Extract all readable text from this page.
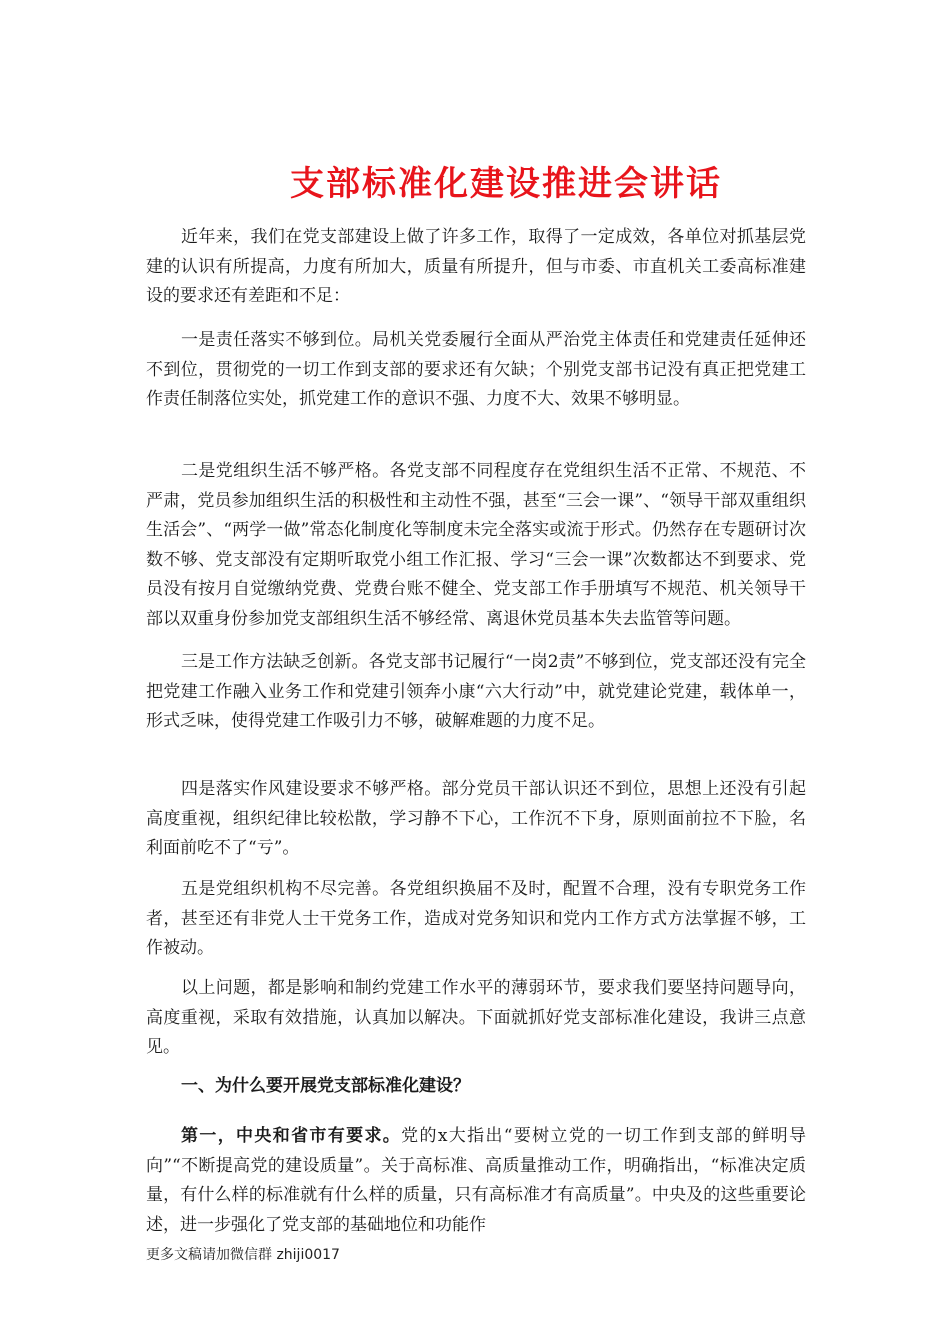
支部标准化建设推进会讲话

近年来，我们在党支部建设上做了许多工作，取得了一定成效，各单位对抓基层党建的认识有所提高，力度有所加大，质量有所提升，但与市委、市直机关工委高标准建设的要求还有差距和不足：

一是责任落实不够到位。局机关党委履行全面从严治党主体责任和党建责任延伸还不到位，贯彻党的一切工作到支部的要求还有欠缺；个别党支部书记没有真正把党建工作责任制落位实处，抓党建工作的意识不强、力度不大、效果不够明显。

二是党组织生活不够严格。各党支部不同程度存在党组织生活不正常、不规范、不严肃，党员参加组织生活的积极性和主动性不强，甚至“三会一课”、“领导干部双重组织生活会”、“两学一做”常态化制度化等制度未完全落实或流于形式。仍然存在专题研讨次数不够、党支部没有定期听取党小组工作汇报、学习“三会一课”次数都达不到要求、党员没有按月自觉缴纳党费、党费台账不健全、党支部工作手册填写不规范、机关领导干部以双重身份参加党支部组织生活不够经常、离退休党员基本失去监管等问题。

三是工作方法缺乏创新。各党支部书记履行“一岗2责”不够到位，党支部还没有完全把党建工作融入业务工作和党建引领奔小康“六大行动”中，就党建论党建，载体单一，形式乏味，使得党建工作吸引力不够，破解难题的力度不足。

四是落实作风建设要求不够严格。部分党员干部认识还不到位，思想上还没有引起高度重视，组织纪律比较松散，学习静不下心，工作沉不下身，原则面前拉不下脸，名利面前吃不了“亏”。

五是党组织机构不尽完善。各党组织换届不及时，配置不合理，没有专职党务工作者，甚至还有非党人士干党务工作，造成对党务知识和党内工作方式方法掌握不够，工作被动。

以上问题，都是影响和制约党建工作水平的薄弱环节，要求我们要坚持问题导向，高度重视，采取有效措施，认真加以解决。下面就抓好党支部标准化建设，我讲三点意见。

一、为什么要开展党支部标准化建设？

第一，中央和省市有要求。党的x大指出“要树立党的一切工作到支部的鲜明导向”“不断提高党的建设质量”。关于高标准、高质量推动工作，明确指出，“标准决定质量，有什么样的标准就有什么样的质量，只有高标准才有高质量”。中央及的这些重要论述，进一步强化了党支部的基础地位和功能作

更多文稿请加微信群 zhiji0017
